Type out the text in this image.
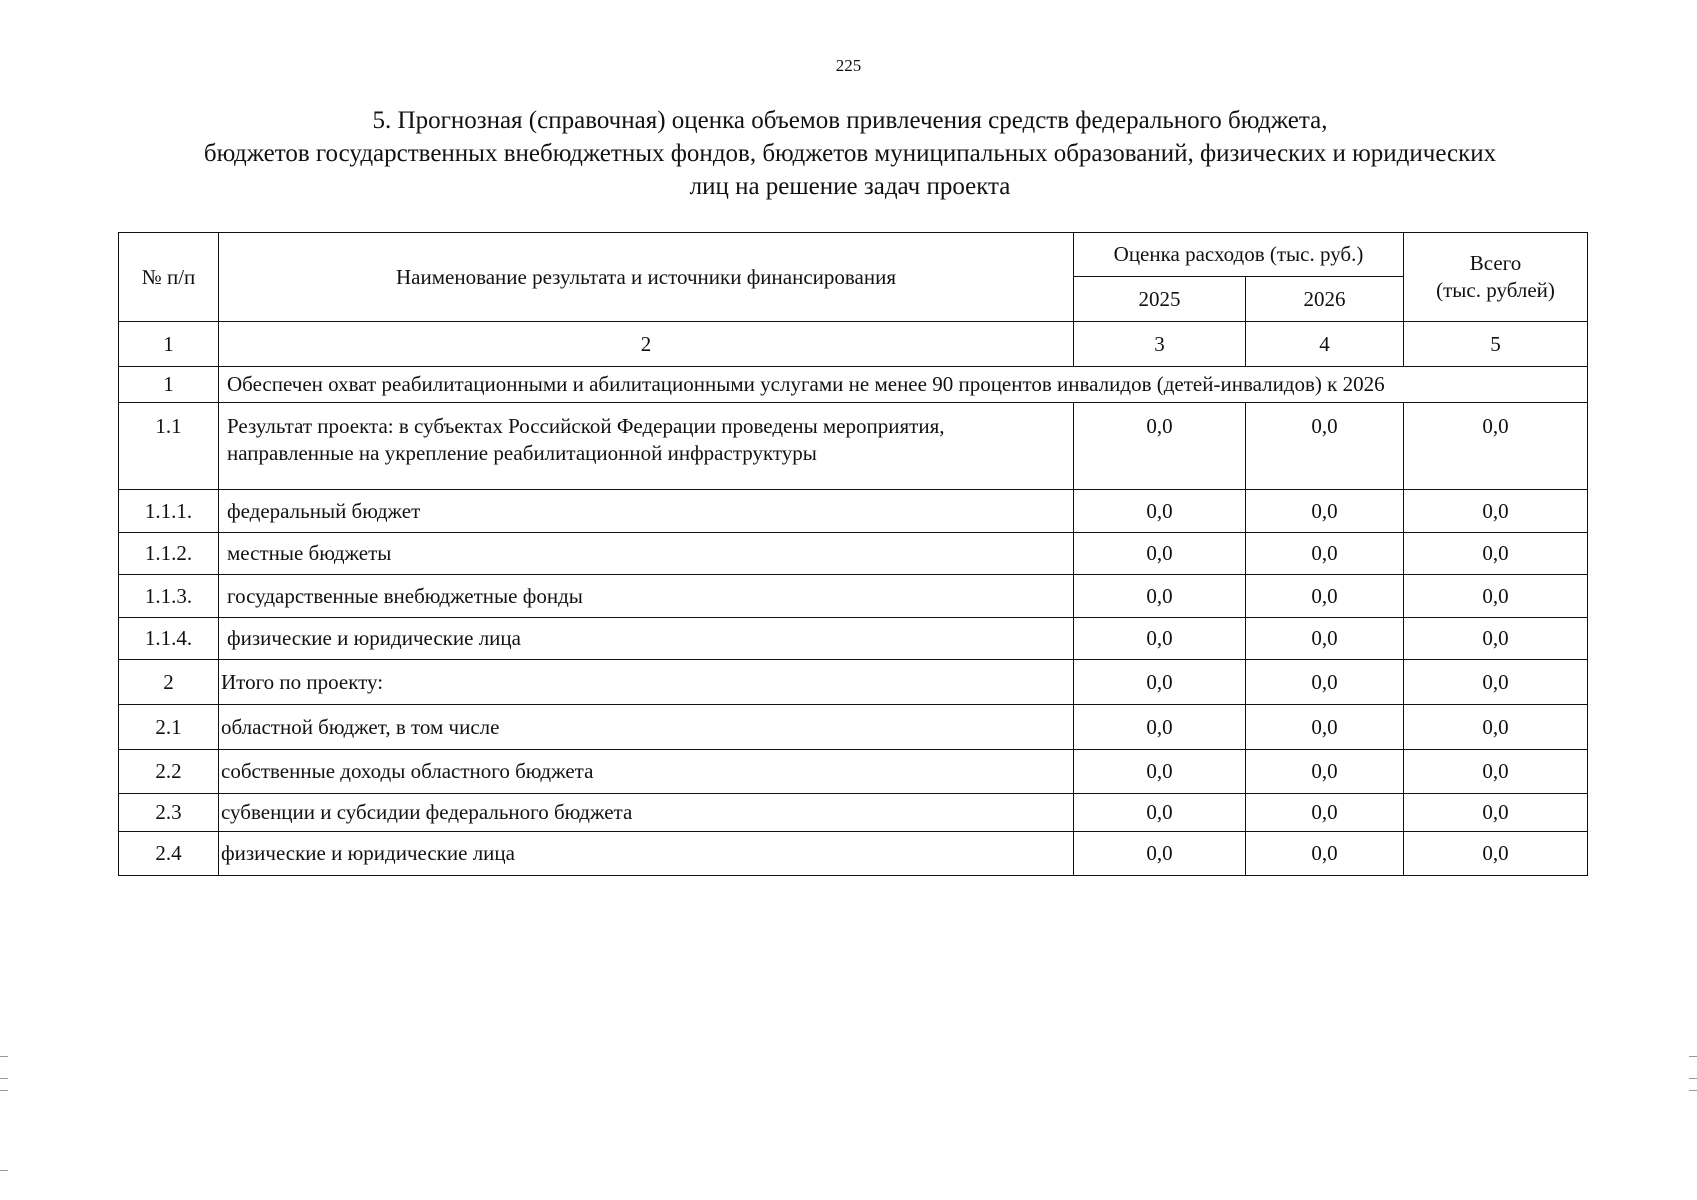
225
5. Прогнозная (справочная) оценка объемов привлечения средств федерального бюджета,
бюджетов государственных внебюджетных фондов, бюджетов муниципальных образований, физических и юридических
лиц на решение задач проекта
№ п/п	Наименование результата и источники финансирования	Оценка расходов (тыс. руб.)		Всего
(тыс. рублей)

		2025	2026	
1	2	3	4	5
1	Обеспечен охват реабилитационными и абилитационными услугами не менее 90 процентов инвалидов (детей-инвалидов) к 2026			
1.1	Результат проекта: в субъектах Российской Федерации проведены мероприятия,
направленные на укрепление реабилитационной инфраструктуры	0,0	0,0	0,0
1.1.1.	федеральный бюджет	0,0	0,0	0,0
1.1.2.	местные бюджеты	0,0	0,0	0,0
1.1.3.	государственные внебюджетные фонды	0,0	0,0	0,0
1.1.4.	физические и юридические лица	0,0	0,0	0,0
2	Итого по проекту:	0,0	0,0	0,0
2.1	областной бюджет, в том числе	0,0	0,0	0,0
2.2	собственные доходы областного бюджета	0,0	0,0	0,0
2.3	субвенции и субсидии федерального бюджета	0,0	0,0	0,0
2.4	физические и юридические лица	0,0	0,0	0,0
